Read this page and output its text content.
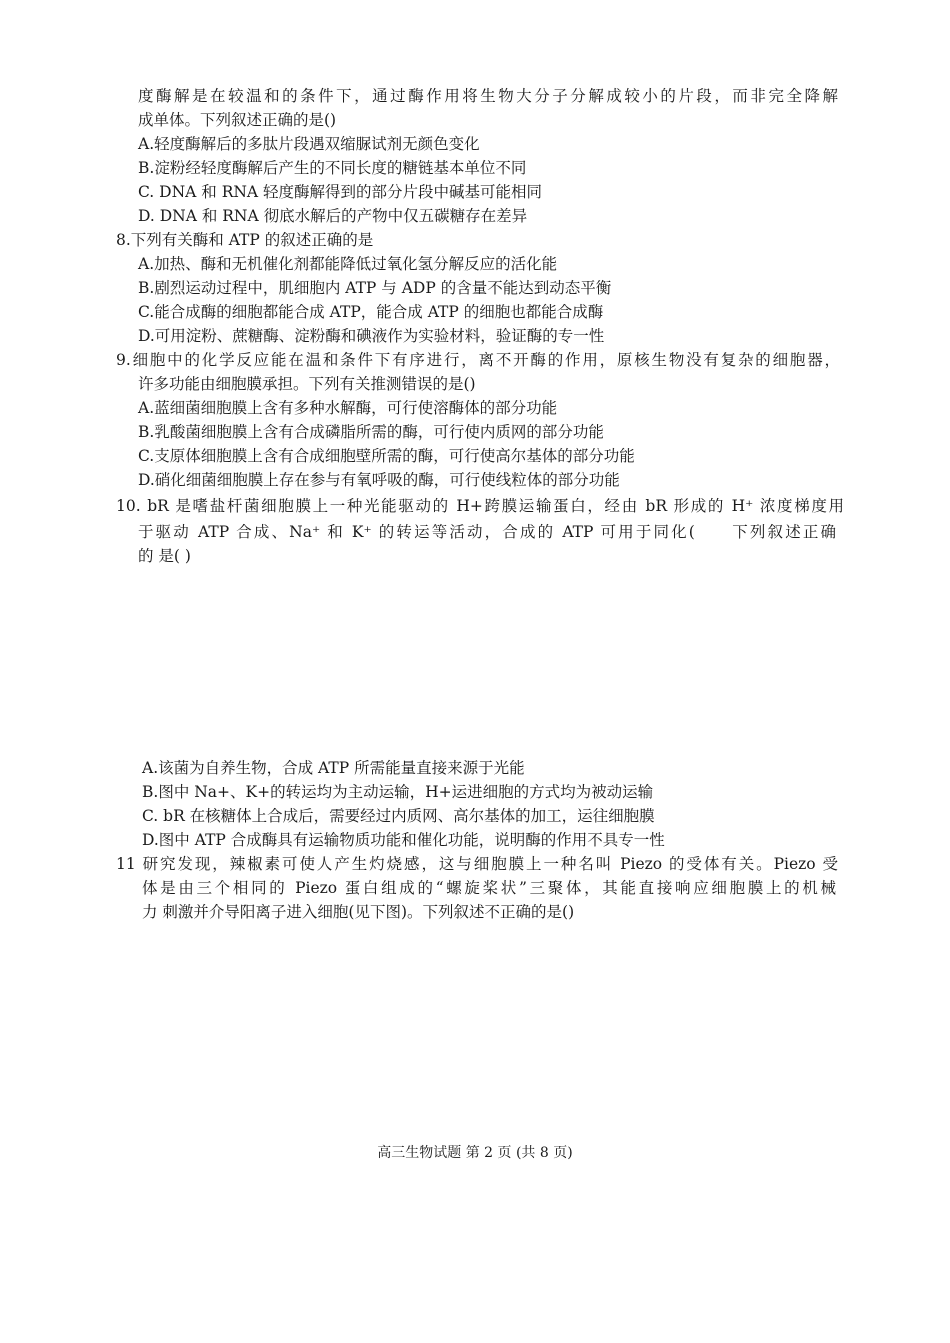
度酶解是在较温和的条件下，通过酶作用将生物大分子分解成较小的片段，而非完全降解
成单体。下列叙述正确的是()
A.轻度酶解后的多肽片段遇双缩脲试剂无颜色变化
B.淀粉经轻度酶解后产生的不同长度的糖链基本单位不同
C. DNA 和 RNA 轻度酶解得到的部分片段中碱基可能相同
D. DNA 和 RNA 彻底水解后的产物中仅五碳糖存在差异
8.下列有关酶和 ATP 的叙述正确的是
A.加热、酶和无机催化剂都能降低过氧化氢分解反应的活化能
B.剧烈运动过程中，肌细胞内 ATP 与 ADP 的含量不能达到动态平衡
C.能合成酶的细胞都能合成 ATP，能合成 ATP 的细胞也都能合成酶
D.可用淀粉、蔗糖酶、淀粉酶和碘液作为实验材料，验证酶的专一性
9.细胞中的化学反应能在温和条件下有序进行，离不开酶的作用，原核生物没有复杂的细胞器，
许多功能由细胞膜承担。下列有关推测错误的是()
A.蓝细菌细胞膜上含有多种水解酶，可行使溶酶体的部分功能
B.乳酸菌细胞膜上含有合成磷脂所需的酶，可行使内质网的部分功能
C.支原体细胞膜上含有合成细胞壁所需的酶，可行使高尔基体的部分功能
D.硝化细菌细胞膜上存在参与有氧呼吸的酶，可行使线粒体的部分功能
10. bR 是嗜盐杆菌细胞膜上一种光能驱动的 H+跨膜运输蛋白，经由 bR 形成的 H⁺ 浓度梯度用
于驱动 ATP 合成、Na⁺ 和 K⁺ 的转运等活动，合成的 ATP 可用于同化(　　下列叙述正确
的 是( )
A.该菌为自养生物，合成 ATP 所需能量直接来源于光能
B.图中 Na+、K+的转运均为主动运输，H+运进细胞的方式均为被动运输
C. bR 在核糖体上合成后，需要经过内质网、高尔基体的加工，运往细胞膜
D.图中 ATP 合成酶具有运输物质功能和催化功能，说明酶的作用不具专一性
11 研究发现，辣椒素可使人产生灼烧感，这与细胞膜上一种名叫 Piezo 的受体有关。Piezo 受
体是由三个相同的 Piezo 蛋白组成的“螺旋桨状”三聚体，其能直接响应细胞膜上的机械
力 刺激并介导阳离子进入细胞(见下图)。下列叙述不正确的是()
高三生物试题 第 2 页 (共 8 页)
